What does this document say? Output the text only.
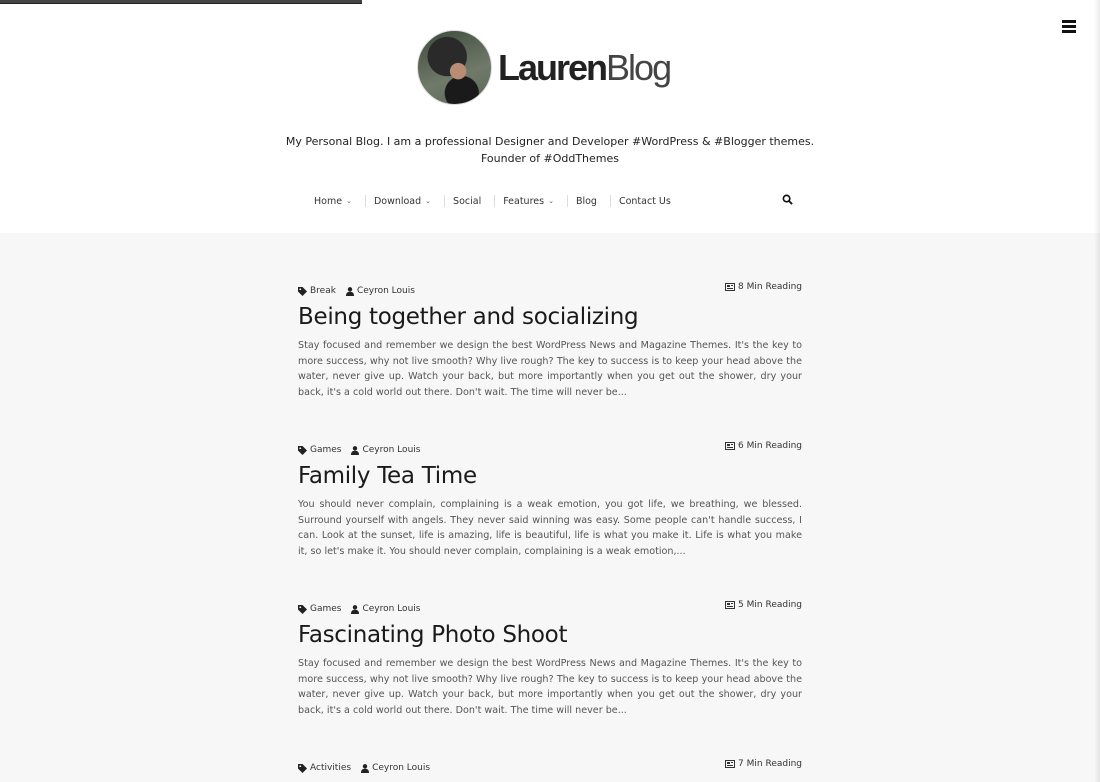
LaurenBlog
My Personal Blog. I am a professional Designer and Developer #WordPress & #Blogger themes.
Founder of #OddThemes
Home ⌄ Download ⌄ Social Features ⌄ Blog Contact Us
Break Ceyron Louis	8 Min Reading
Being together and socializing

Stay focused and remember we design the best WordPress News and Magazine Themes. It's the key to more success, why not live smooth? Why live rough? The key to success is to keep your head above the water, never give up. Watch your back, but more importantly when you get out the shower, dry your back, it's a cold world out there. Don't wait. The time will never be...

Games Ceyron Louis	6 Min Reading
Family Tea Time

You should never complain, complaining is a weak emotion, you got life, we breathing, we blessed. Surround yourself with angels. They never said winning was easy. Some people can't handle success, I can. Look at the sunset, life is amazing, life is beautiful, life is what you make it. Life is what you make it, so let's make it. You should never complain, complaining is a weak emotion,...

Games Ceyron Louis	5 Min Reading
Fascinating Photo Shoot

Stay focused and remember we design the best WordPress News and Magazine Themes. It's the key to more success, why not live smooth? Why live rough? The key to success is to keep your head above the water, never give up. Watch your back, but more importantly when you get out the shower, dry your back, it's a cold world out there. Don't wait. The time will never be...

Activities Ceyron Louis	7 Min Reading
